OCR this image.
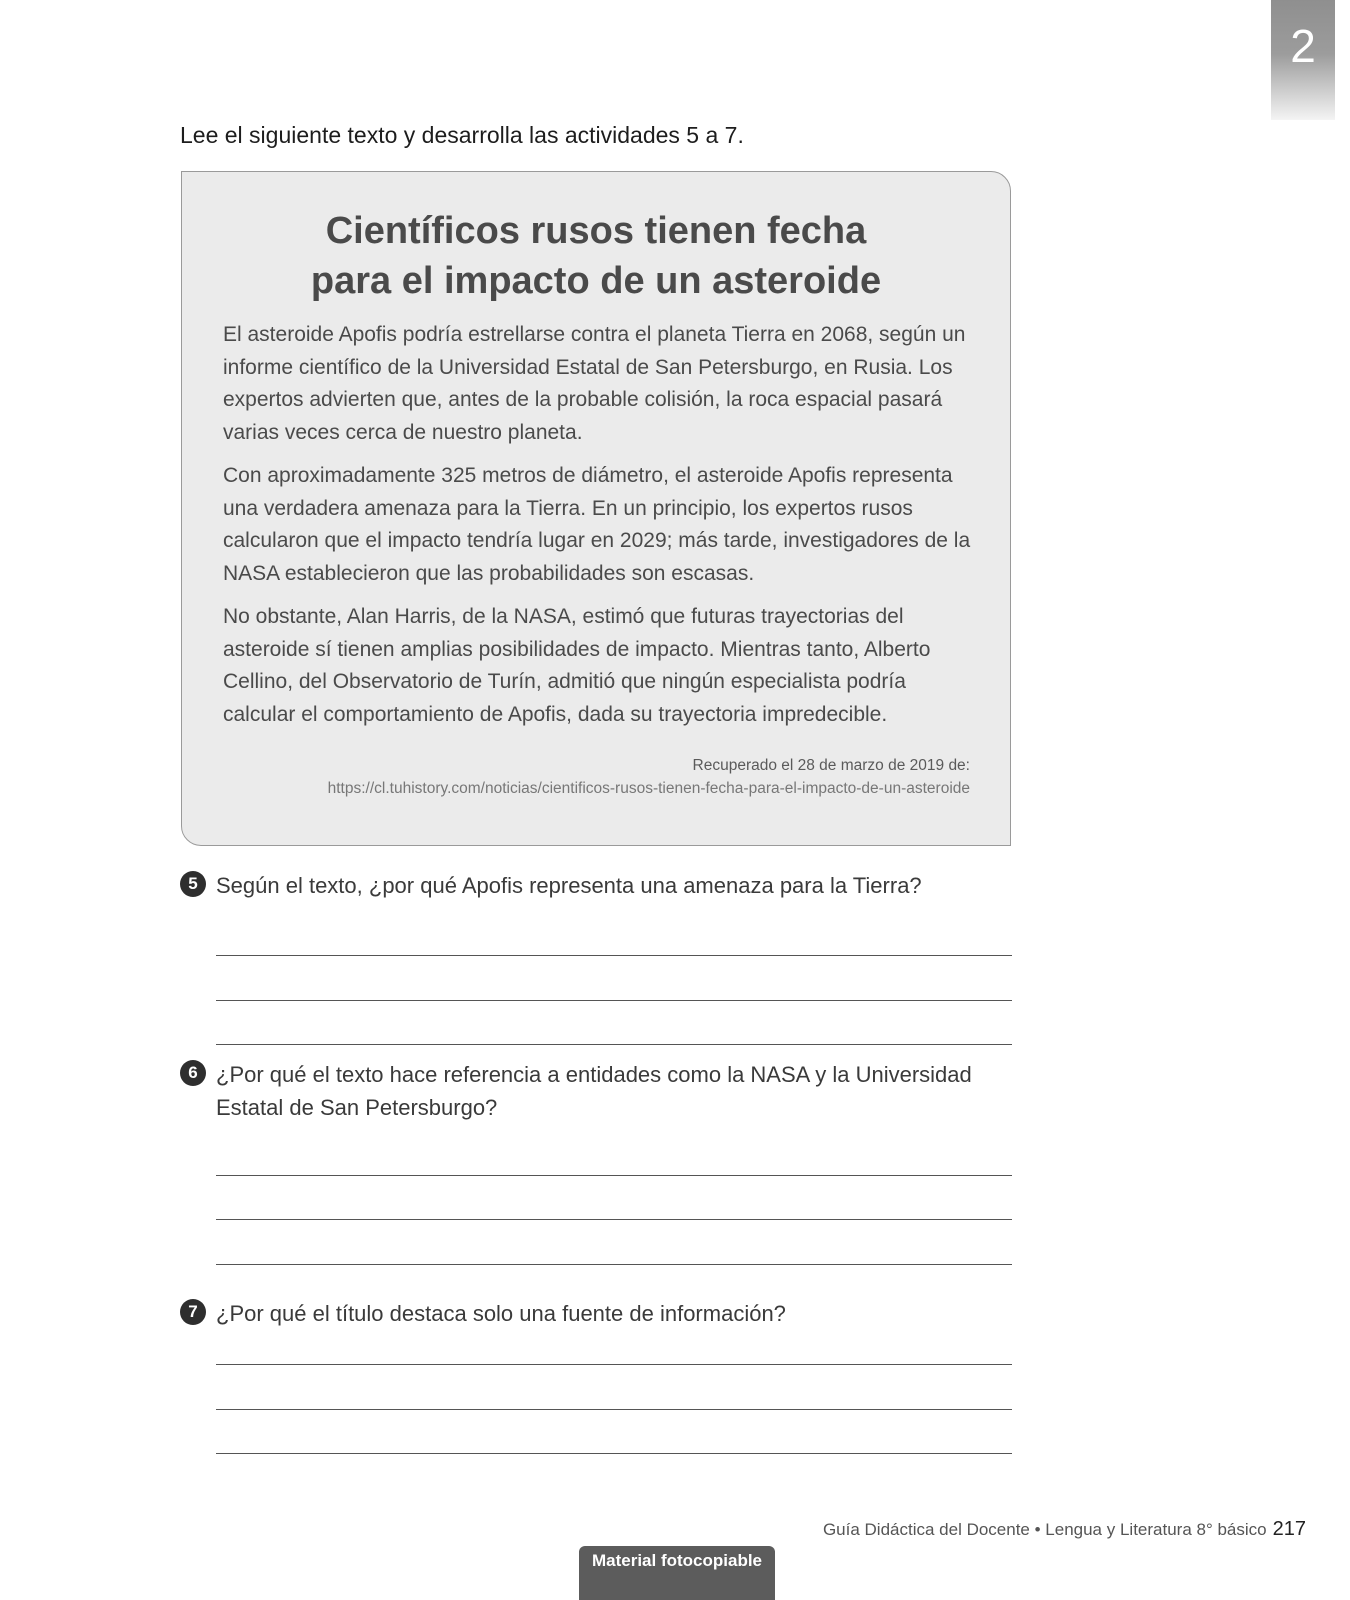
2
Lee el siguiente texto y desarrolla las actividades 5 a 7.
Científicos rusos tienen fecha
para el impacto de un asteroide

El asteroide Apofis podría estrellarse contra el planeta Tierra en 2068, según un informe científico de la Universidad Estatal de San Petersburgo, en Rusia. Los expertos advierten que, antes de la probable colisión, la roca espacial pasará varias veces cerca de nuestro planeta.

Con aproximadamente 325 metros de diámetro, el asteroide Apofis representa una verdadera amenaza para la Tierra. En un principio, los expertos rusos calcularon que el impacto tendría lugar en 2029; más tarde, investigadores de la NASA establecieron que las probabilidades son escasas.

No obstante, Alan Harris, de la NASA, estimó que futuras trayectorias del asteroide sí tienen amplias posibilidades de impacto. Mientras tanto, Alberto Cellino, del Observatorio de Turín, admitió que ningún especialista podría calcular el comportamiento de Apofis, dada su trayectoria impredecible.

Recuperado el 28 de marzo de 2019 de:
https://cl.tuhistory.com/noticias/cientificos-rusos-tienen-fecha-para-el-impacto-de-un-asteroide
5 Según el texto, ¿por qué Apofis representa una amenaza para la Tierra?
6 ¿Por qué el texto hace referencia a entidades como la NASA y la Universidad Estatal de San Petersburgo?
7 ¿Por qué el título destaca solo una fuente de información?
Guía Didáctica del Docente • Lengua y Literatura 8° básico 217
Material fotocopiable
